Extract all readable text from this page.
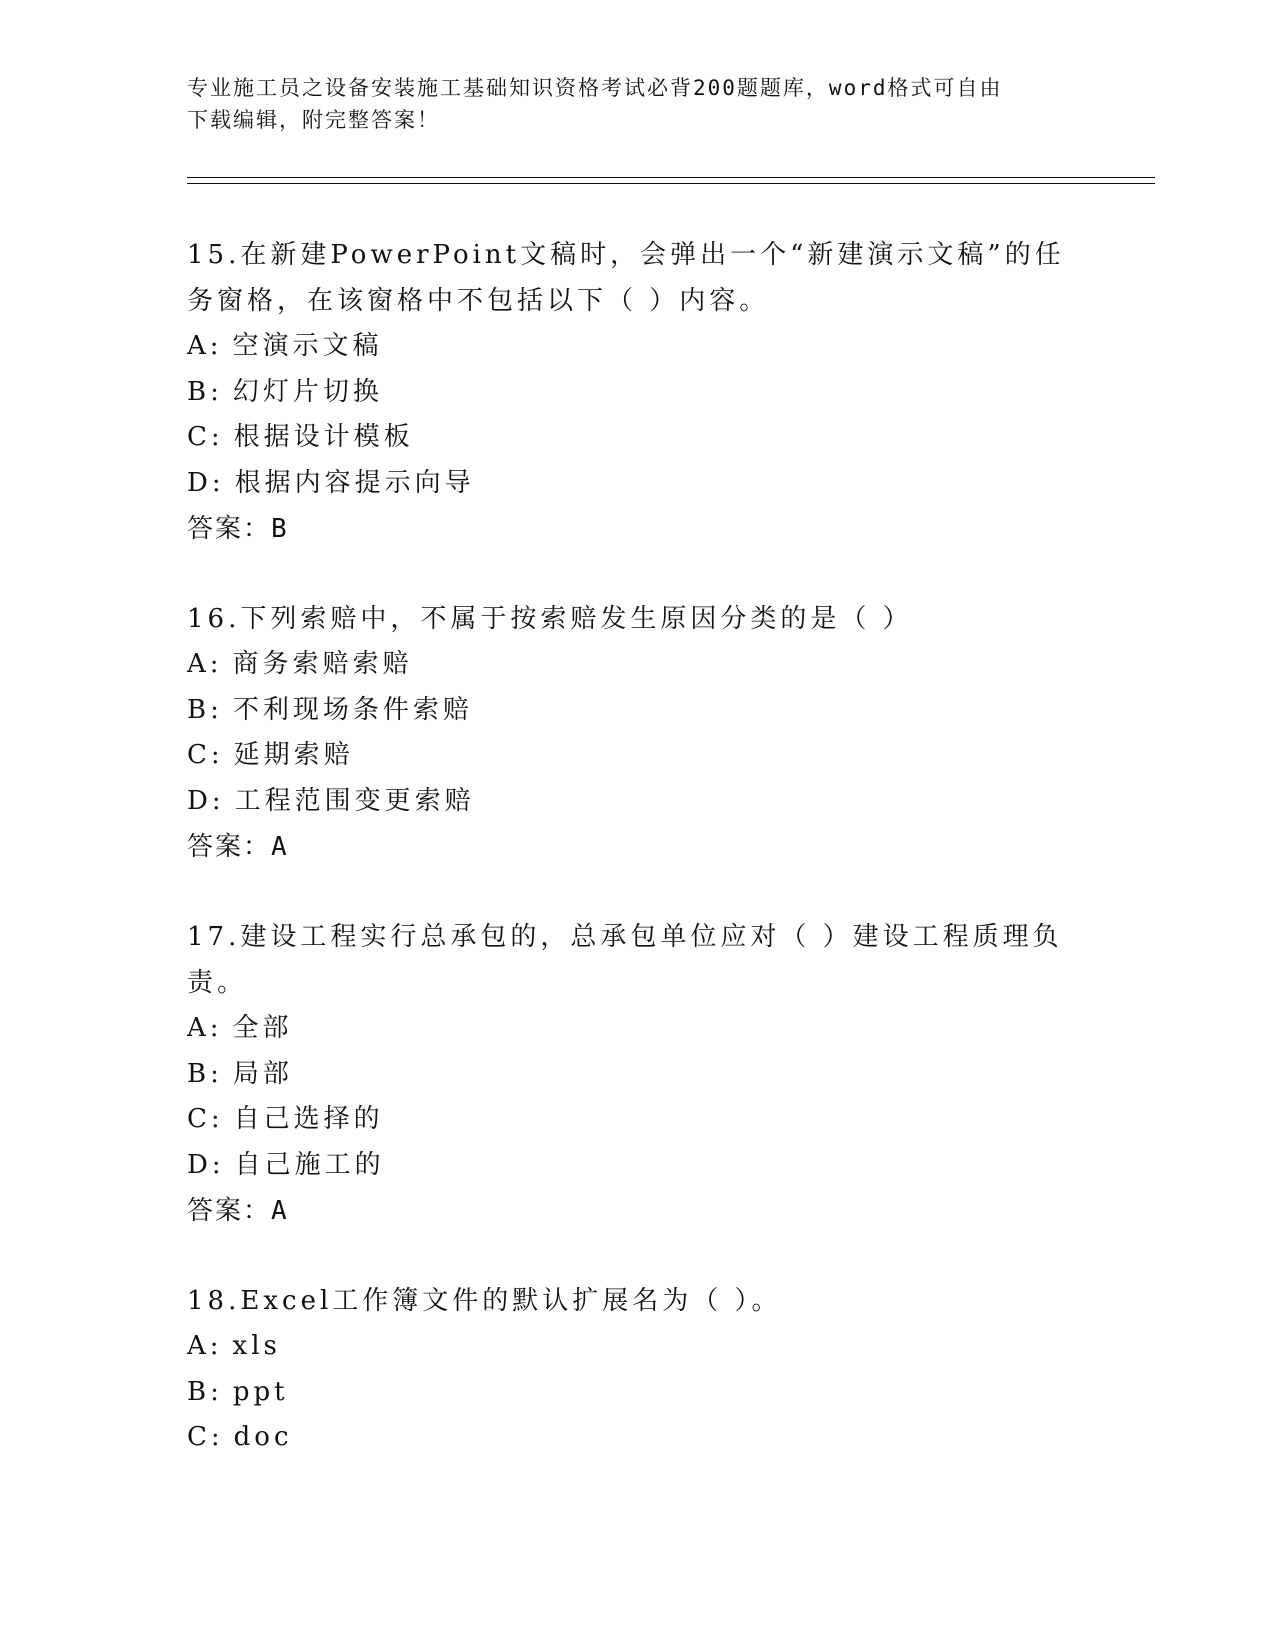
专业施工员之设备安装施工基础知识资格考试必背200题题库，word格式可自由
下载编辑，附完整答案！
15.在新建PowerPoint文稿时，会弹出一个“新建演示文稿”的任务窗格，在该窗格中不包括以下（ ）内容。
A: 空演示文稿
B: 幻灯片切换
C: 根据设计模板
D: 根据内容提示向导
答案：B
16.下列索赔中，不属于按索赔发生原因分类的是（ ）
A: 商务索赔索赔
B: 不利现场条件索赔
C: 延期索赔
D: 工程范围变更索赔
答案：A
17.建设工程实行总承包的，总承包单位应对（ ）建设工程质理负责。
A: 全部
B: 局部
C: 自己选择的
D: 自己施工的
答案：A
18.Excel工作簿文件的默认扩展名为（ ）。
A: xls
B: ppt
C: doc
